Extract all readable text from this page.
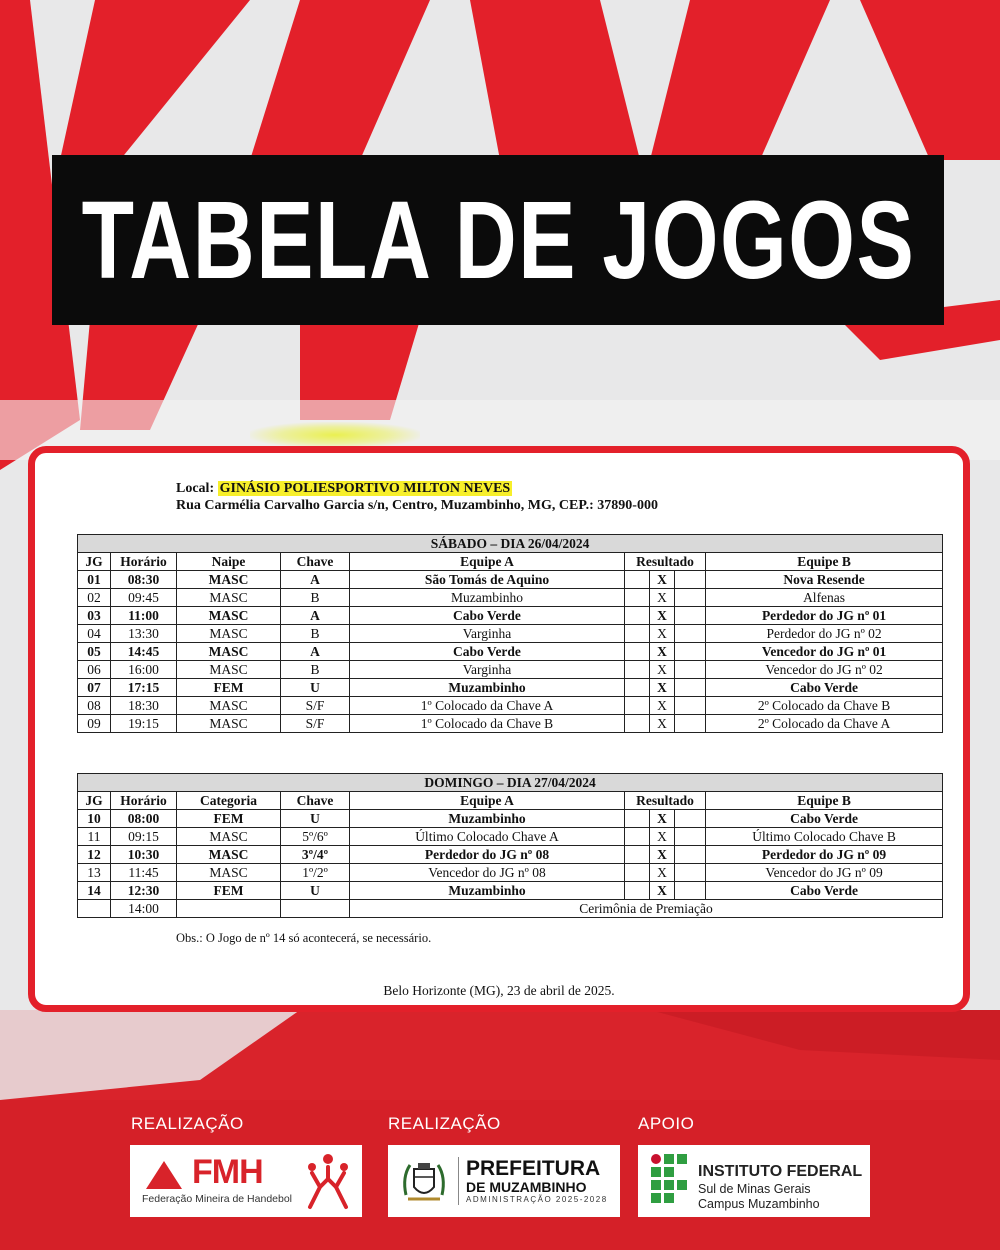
TABELA DE JOGOS
Local: GINÁSIO POLIESPORTIVO MILTON NEVES
Rua Carmélia Carvalho Garcia s/n, Centro, Muzambinho, MG, CEP.: 37890-000
SÁBADO – DIA 26/04/2024								
JG	Horário	Naipe	Chave	Equipe A	Resultado			Equipe B
01	08:30	MASC	A	São Tomás de Aquino		X		Nova Resende
02	09:45	MASC	B	Muzambinho		X		Alfenas
03	11:00	MASC	A	Cabo Verde		X		Perdedor do JG nº 01
04	13:30	MASC	B	Varginha		X		Perdedor do JG nº 02
05	14:45	MASC	A	Cabo Verde		X		Vencedor do JG nº 01
06	16:00	MASC	B	Varginha		X		Vencedor do JG nº 02
07	17:15	FEM	U	Muzambinho		X		Cabo Verde
08	18:30	MASC	S/F	1º Colocado da Chave A		X		2º Colocado da Chave B
09	19:15	MASC	S/F	1º Colocado da Chave B		X		2º Colocado da Chave A
DOMINGO – DIA 27/04/2024								
JG	Horário	Categoria	Chave	Equipe A	Resultado			Equipe B
10	08:00	FEM	U	Muzambinho		X		Cabo Verde
11	09:15	MASC	5º/6º	Último Colocado Chave A		X		Último Colocado Chave B
12	10:30	MASC	3º/4º	Perdedor do JG nº 08		X		Perdedor do JG nº 09
13	11:45	MASC	1º/2º	Vencedor do JG nº 08		X		Vencedor do JG nº 09
14	12:30	FEM	U	Muzambinho		X		Cabo Verde
	14:00			Cerimônia de Premiação				
Obs.: O Jogo de nº 14 só acontecerá, se necessário.
Belo Horizonte (MG), 23 de abril de 2025.
REALIZAÇÃO	REALIZAÇÃO	APOIO
FMH
Federação Mineira de Handebol
PREFEITURA
DE MUZAMBINHO
ADMINISTRAÇÃO 2025-2028
INSTITUTO FEDERAL
Sul de Minas Gerais
Campus Muzambinho
